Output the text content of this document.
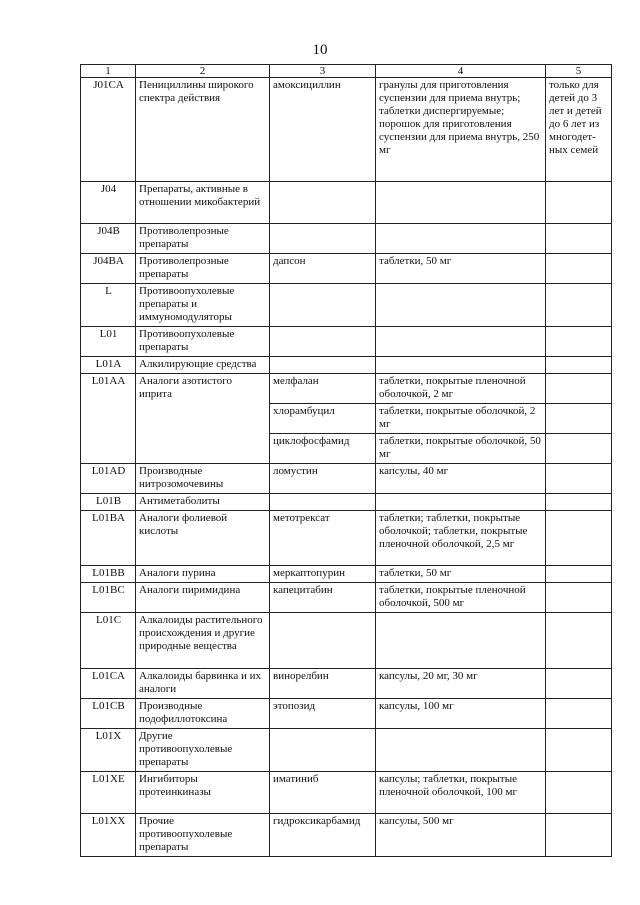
10
1	2	3	4	5
J01CA	Пенициллины широкого спектра действия	амоксициллин	гранулы для приготовления суспензии для приема внутрь; таблетки диспергируемые; порошок для приготовления суспензии для приема внутрь, 250 мг	только для детей до 3 лет и детей до 6 лет из многодет-ных семей
J04	Препараты, активные в отношении микобактерий			
J04B	Противолепрозные препараты			
J04BA	Противолепрозные препараты	дапсон	таблетки, 50 мг	
L	Противоопухолевые препараты и иммуномодуляторы			
L01	Противоопухолевые препараты			
L01A	Алкилирующие средства			
L01AA	Аналоги азотистого иприта	мелфалан	таблетки, покрытые пленочной оболочкой, 2 мг	
		хлорамбуцил	таблетки, покрытые оболочкой, 2 мг	
		циклофосфамид	таблетки, покрытые оболочкой, 50 мг	
L01AD	Производные нитрозомочевины	ломустин	капсулы, 40 мг	
L01B	Антиметаболиты			
L01BA	Аналоги фолиевой кислоты	метотрексат	таблетки; таблетки, покрытые оболочкой; таблетки, покрытые пленочной оболочкой, 2,5 мг	
L01BB	Аналоги пурина	меркаптопурин	таблетки, 50 мг	
L01BC	Аналоги пиримидина	капецитабин	таблетки, покрытые пленочной оболочкой, 500 мг	
L01C	Алкалоиды растительного происхождения и другие природные вещества			
L01CA	Алкалоиды барвинка и их аналоги	винорелбин	капсулы, 20 мг, 30 мг	
L01CB	Производные подофиллотоксина	этопозид	капсулы, 100 мг	
L01X	Другие противоопухолевые препараты			
L01XE	Ингибиторы протеинкиназы	иматиниб	капсулы; таблетки, покрытые пленочной оболочкой, 100 мг	
L01XX	Прочие противоопухолевые препараты	гидроксикарбамид	капсулы, 500 мг	
